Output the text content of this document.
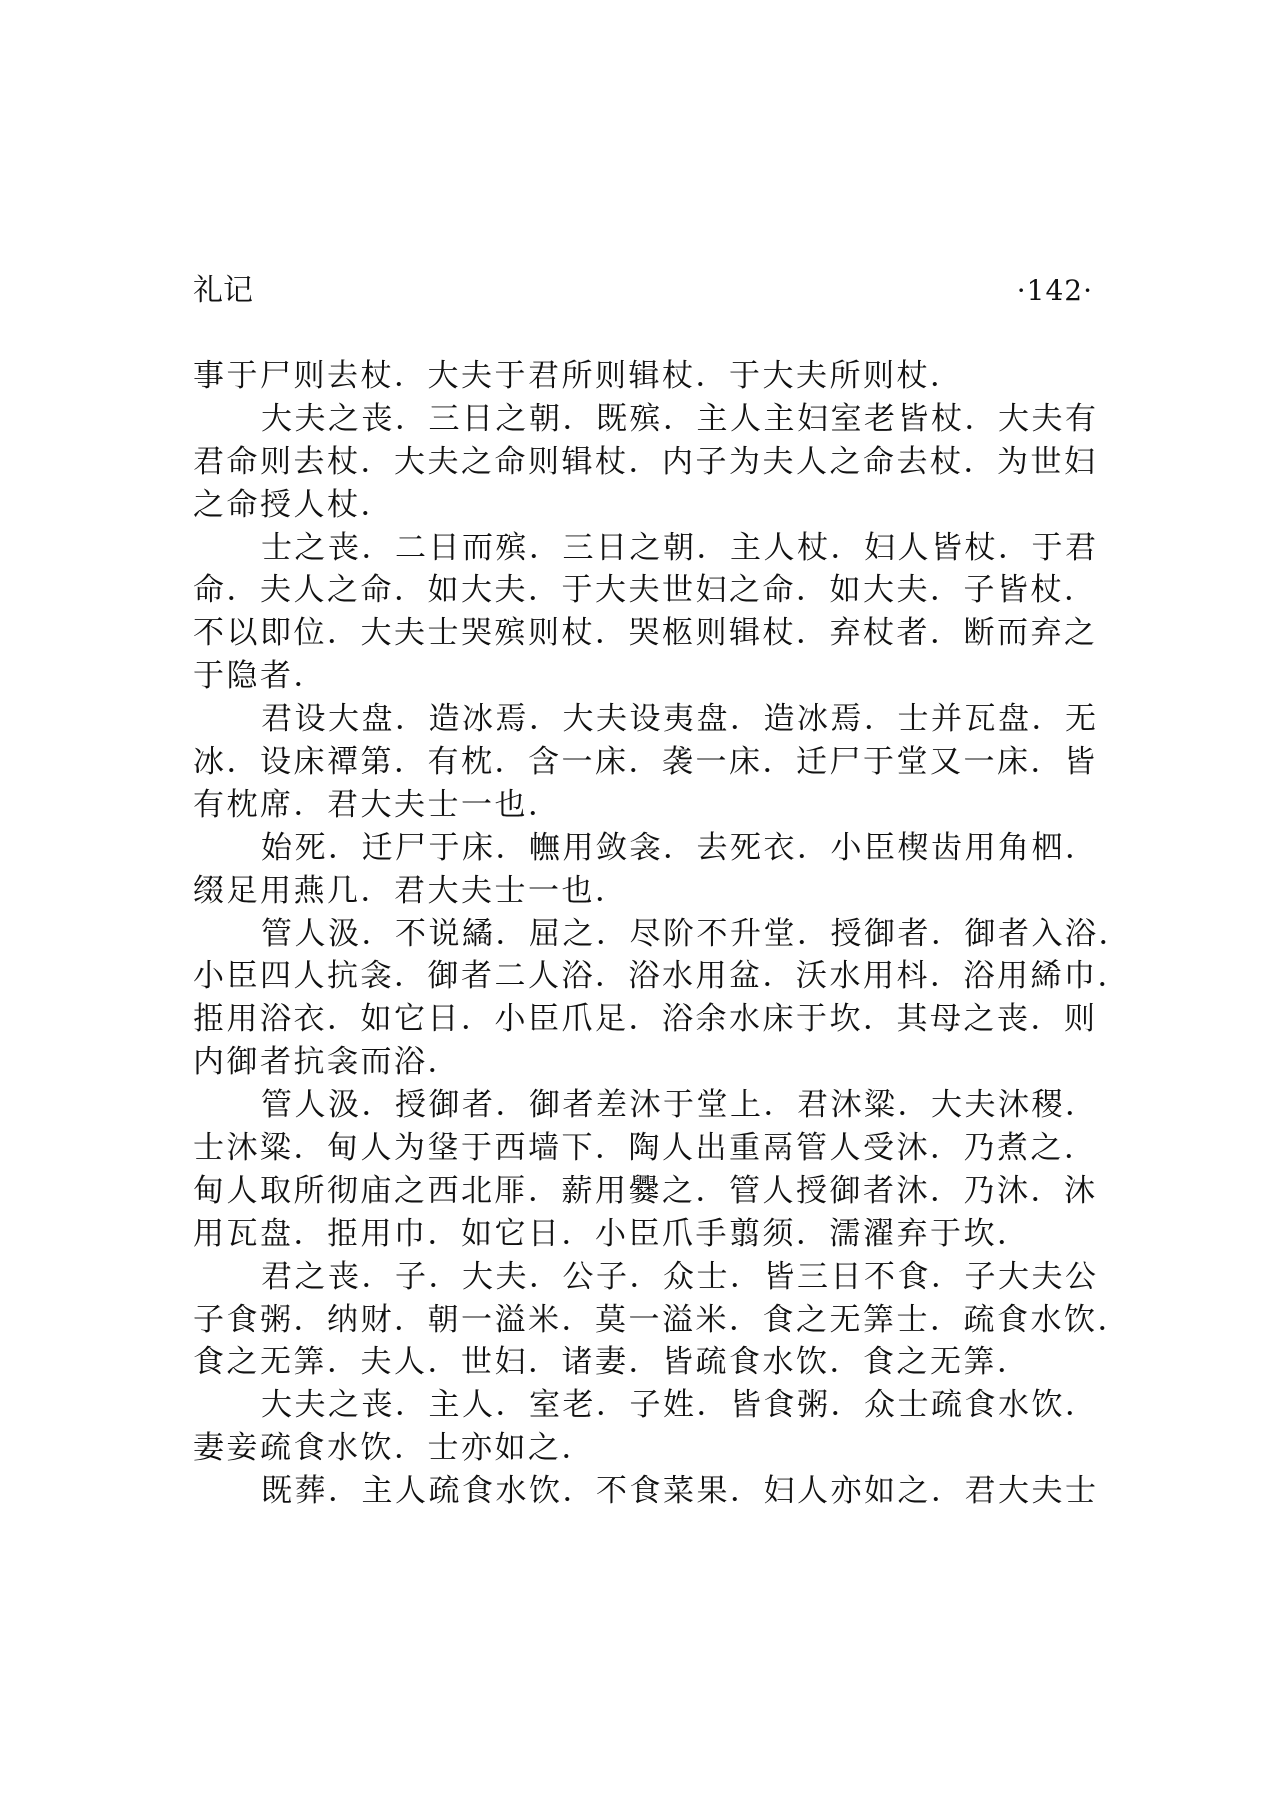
礼记	·142·
事于尸则去杖．大夫于君所则辑杖．于大夫所则杖．
大夫之丧．三日之朝．既殡．主人主妇室老皆杖．大夫有
君命则去杖．大夫之命则辑杖．内子为夫人之命去杖．为世妇
之命授人杖．
士之丧．二日而殡．三日之朝．主人杖．妇人皆杖．于君
命．夫人之命．如大夫．于大夫世妇之命．如大夫．子皆杖．
不以即位．大夫士哭殡则杖．哭柩则辑杖．弃杖者．断而弃之
于隐者．
君设大盘．造冰焉．大夫设夷盘．造冰焉．士并瓦盘．无
冰．设床禫第．有枕．含一床．袭一床．迁尸于堂又一床．皆
有枕席．君大夫士一也．
始死．迁尸于床．幠用敛衾．去死衣．小臣楔齿用角柶．
缀足用燕几．君大夫士一也．
管人汲．不说繘．屈之．尽阶不升堂．授御者．御者入浴．
小臣四人抗衾．御者二人浴．浴水用盆．沃水用枓．浴用絺巾．
挋用浴衣．如它日．小臣爪足．浴余水床于坎．其母之丧．则
内御者抗衾而浴．
管人汲．授御者．御者差沐于堂上．君沐粱．大夫沐稷．
士沐粱．甸人为垼于西墙下．陶人出重鬲管人受沐．乃煮之．
甸人取所彻庙之西北厞．薪用爨之．管人授御者沐．乃沐．沐
用瓦盘．挋用巾．如它日．小臣爪手翦须．濡濯弃于坎．
君之丧．子．大夫．公子．众士．皆三日不食．子大夫公
子食粥．纳财．朝一溢米．莫一溢米．食之无筭士．疏食水饮．
食之无筭．夫人．世妇．诸妻．皆疏食水饮．食之无筭．
大夫之丧．主人．室老．子姓．皆食粥．众士疏食水饮．
妻妾疏食水饮．士亦如之．
既葬．主人疏食水饮．不食菜果．妇人亦如之．君大夫士
